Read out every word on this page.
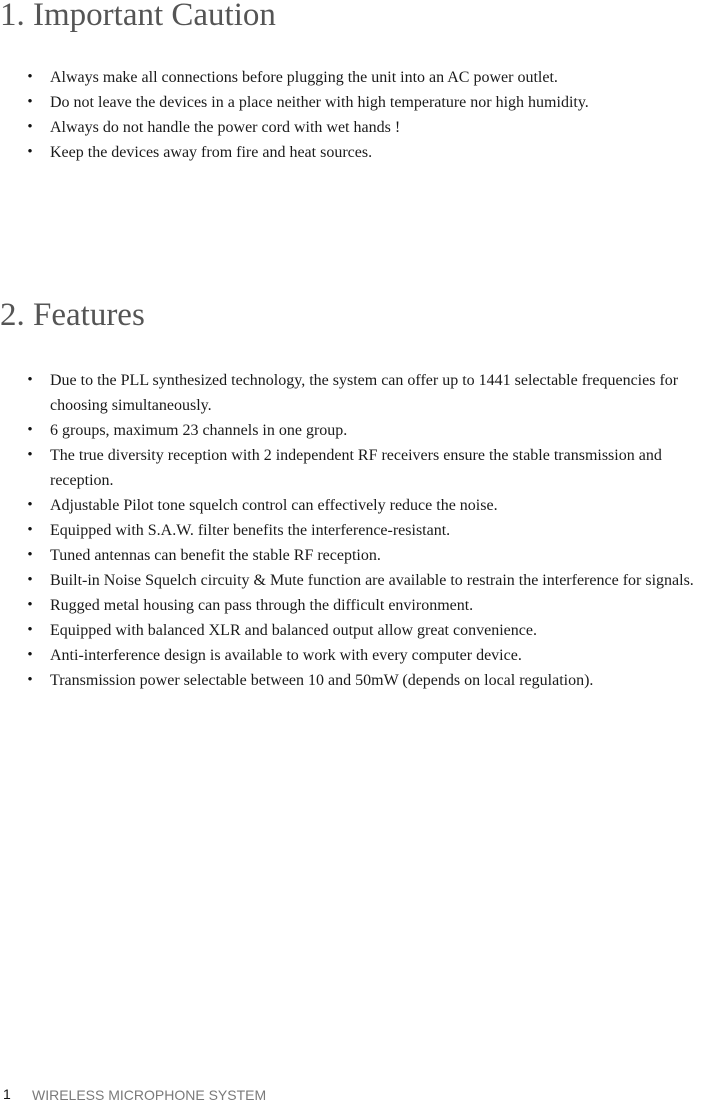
1. Important Caution
• Always make all connections before plugging the unit into an AC power outlet.
• Do not leave the devices in a place neither with high temperature nor high humidity.
• Always do not handle the power cord with wet hands !
• Keep the devices away from fire and heat sources.
2. Features
• Due to the PLL synthesized technology, the system can offer up to 1441 selectable frequencies for choosing simultaneously.
• 6 groups, maximum 23 channels in one group.
• The true diversity reception with 2 independent RF receivers ensure the stable transmission and reception.
• Adjustable Pilot tone squelch control can effectively reduce the noise.
• Equipped with S.A.W. filter benefits the interference-resistant.
• Tuned antennas can benefit the stable RF reception.
• Built-in Noise Squelch circuity & Mute function are available to restrain the interference for signals.
• Rugged metal housing can pass through the difficult environment.
• Equipped with balanced XLR and balanced output allow great convenience.
• Anti-interference design is available to work with every computer device.
• Transmission power selectable between 10 and 50mW (depends on local regulation).
1 WIRELESS MICROPHONE SYSTEM
